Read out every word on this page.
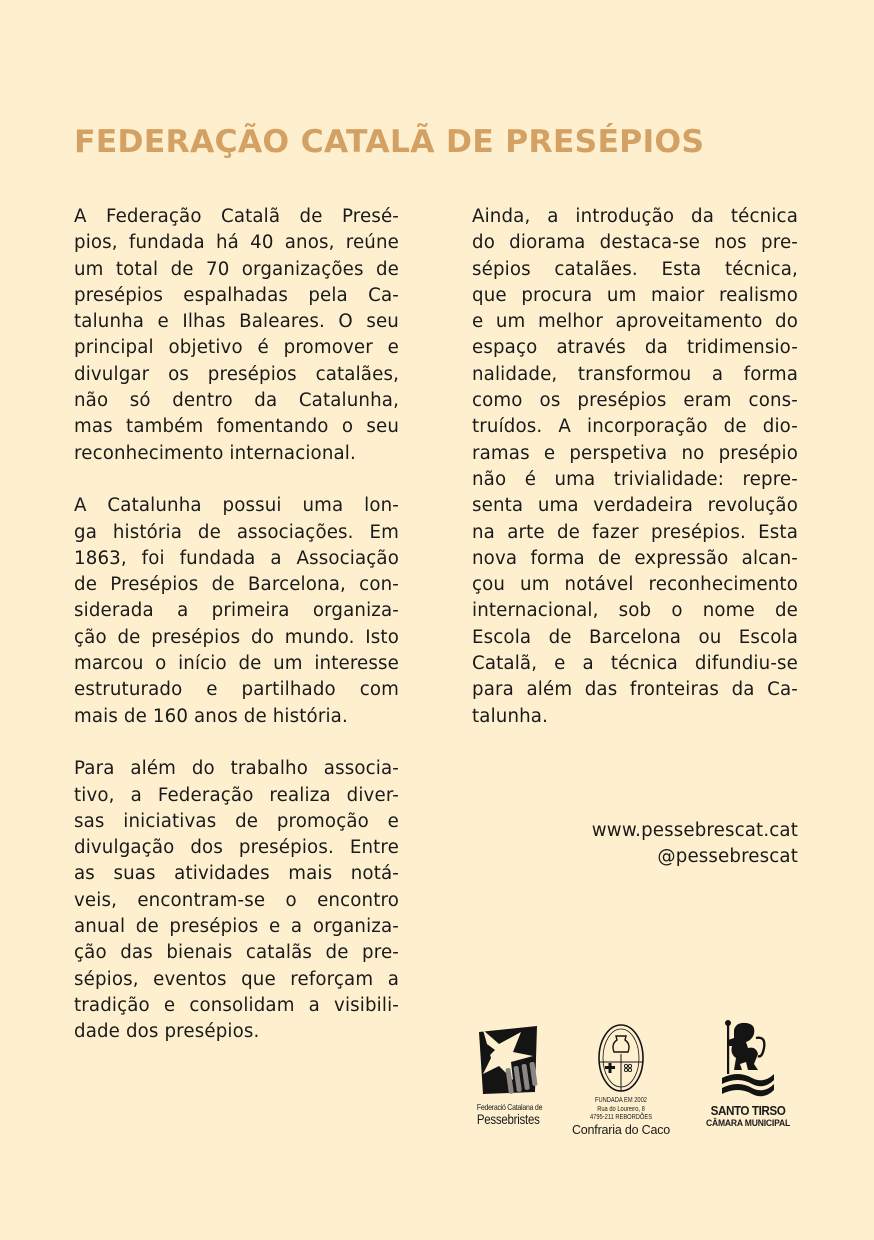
FEDERAÇÃO CATALÃ DE PRESÉPIOS

A Federação Catalã de Presé-
pios, fundada há 40 anos, reúne
um total de 70 organizações de
presépios espalhadas pela Ca-
talunha e Ilhas Baleares. O seu
principal objetivo é promover e
divulgar os presépios catalães,
não só dentro da Catalunha,
mas também fomentando o seu
reconhecimento internacional.

A Catalunha possui uma lon-
ga história de associações. Em
1863, foi fundada a Associação
de Presépios de Barcelona, con-
siderada a primeira organiza-
ção de presépios do mundo. Isto
marcou o início de um interesse
estruturado e partilhado com
mais de 160 anos de história.

Para além do trabalho associa-
tivo, a Federação realiza diver-
sas iniciativas de promoção e
divulgação dos presépios. Entre
as suas atividades mais notá-
veis, encontram-se o encontro
anual de presépios e a organiza-
ção das bienais catalãs de pre-
sépios, eventos que reforçam a
tradição e consolidam a visibili-
dade dos presépios.

Ainda, a introdução da técnica
do diorama destaca-se nos pre-
sépios catalães. Esta técnica,
que procura um maior realismo
e um melhor aproveitamento do
espaço através da tridimensio-
nalidade, transformou a forma
como os presépios eram cons-
truídos. A incorporação de dio-
ramas e perspetiva no presépio
não é uma trivialidade: repre-
senta uma verdadeira revolução
na arte de fazer presépios. Esta
nova forma de expressão alcan-
çou um notável reconhecimento
internacional, sob o nome de
Escola de Barcelona ou Escola
Catalã, e a técnica difundiu-se
para além das fronteiras da Ca-
talunha.

www.pessebrescat.cat
@pessebrescat
Federació Catalana de
Pessebristes
FUNDADA EM 2002
Rua do Loureiro, 8
4795-211 REBORDÕES
Confraria do Caco
SANTO TIRSO
CÂMARA MUNICIPAL
